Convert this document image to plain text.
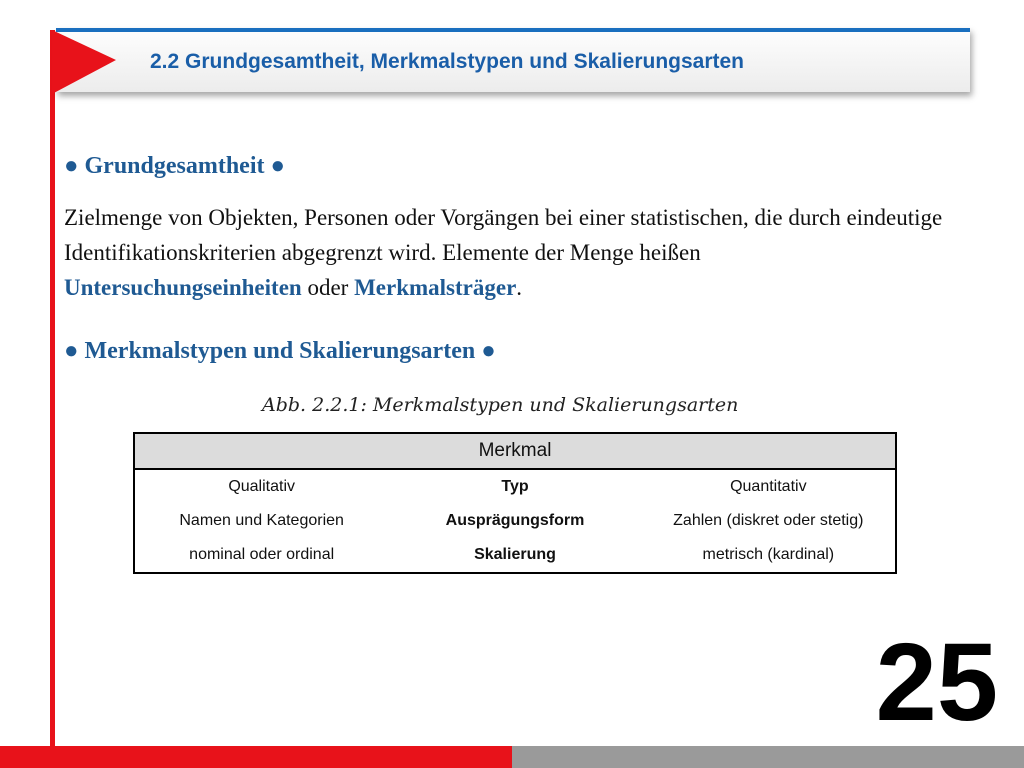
2.2 Grundgesamtheit, Merkmalstypen und Skalierungsarten
● Grundgesamtheit ●
Zielmenge von Objekten, Personen oder Vorgängen bei einer statistischen, die durch eindeutige Identifikationskriterien abgegrenzt wird. Elemente der Menge heißen Untersuchungseinheiten oder Merkmalsträger.
● Merkmalstypen und Skalierungsarten ●
Abb. 2.2.1: Merkmalstypen und Skalierungsarten
Merkmal
Qualitativ	Typ	Quantitativ
Namen und Kategorien	Ausprägungsform	Zahlen (diskret oder stetig)
nominal oder ordinal	Skalierung	metrisch (kardinal)
25
